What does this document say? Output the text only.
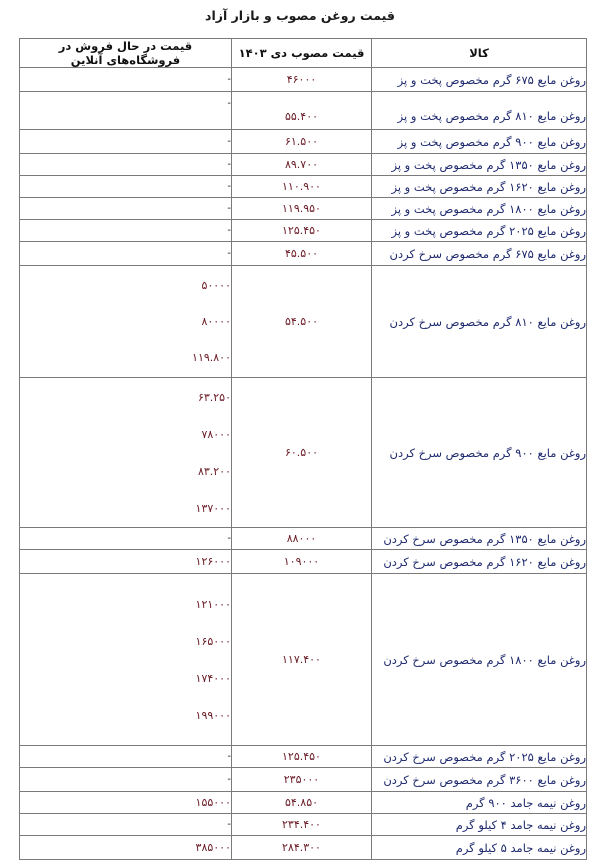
قیمت روغن مصوب و بازار آزاد
کالا	قیمت مصوب دی ۱۴۰۳	قیمت در حال فروش در فروشگاه‌های آنلاین
روغن مایع ۶۷۵ گرم مخصوص پخت و پز	۴۶۰۰۰	-

روغن مایع ۸۱۰ گرم مخصوص پخت و پز	۵۵.۴۰۰	-

روغن مایع ۹۰۰ گرم مخصوص پخت و پز	۶۱.۵۰۰	-

روغن مایع ۱۳۵۰ گرم مخصوص پخت و پز	۸۹.۷۰۰	-

روغن مایع ۱۶۲۰ گرم مخصوص پخت و پز	۱۱۰.۹۰۰	-

روغن مایع ۱۸۰۰ گرم مخصوص پخت و پز	۱۱۹.۹۵۰	-

روغن مایع ۲۰۲۵ گرم مخصوص پخت و پز	۱۲۵.۴۵۰	-

روغن مایع ۶۷۵ گرم مخصوص سرخ کردن	۴۵.۵۰۰	-

روغن مایع ۸۱۰ گرم مخصوص سرخ کردن	۵۴.۵۰۰	۵۰۰۰۰
۸۰۰۰۰
۱۱۹.۸۰۰

روغن مایع ۹۰۰ گرم مخصوص سرخ کردن	۶۰.۵۰۰	۶۳.۲۵۰
۷۸۰۰۰
۸۳.۲۰۰
۱۳۷۰۰۰

روغن مایع ۱۳۵۰ گرم مخصوص سرخ کردن	۸۸۰۰۰	-

روغن مایع ۱۶۲۰ گرم مخصوص سرخ کردن	۱۰۹۰۰۰	۱۲۶۰۰۰

روغن مایع ۱۸۰۰ گرم مخصوص سرخ کردن	۱۱۷.۴۰۰	۱۲۱۰۰۰
۱۶۵۰۰۰
۱۷۴۰۰۰
۱۹۹۰۰۰

روغن مایع ۲۰۲۵ گرم مخصوص سرخ کردن	۱۲۵.۴۵۰	-

روغن مایع ۳۶۰۰ گرم مخصوص سرخ کردن	۲۳۵۰۰۰	-

روغن نیمه جامد ۹۰۰ گرم	۵۴.۸۵۰	۱۵۵۰۰۰

روغن نیمه جامد ۴ کیلو گرم	۲۳۴.۴۰۰	-

روغن نیمه جامد ۵ کیلو گرم	۲۸۴.۳۰۰	۳۸۵۰۰۰
